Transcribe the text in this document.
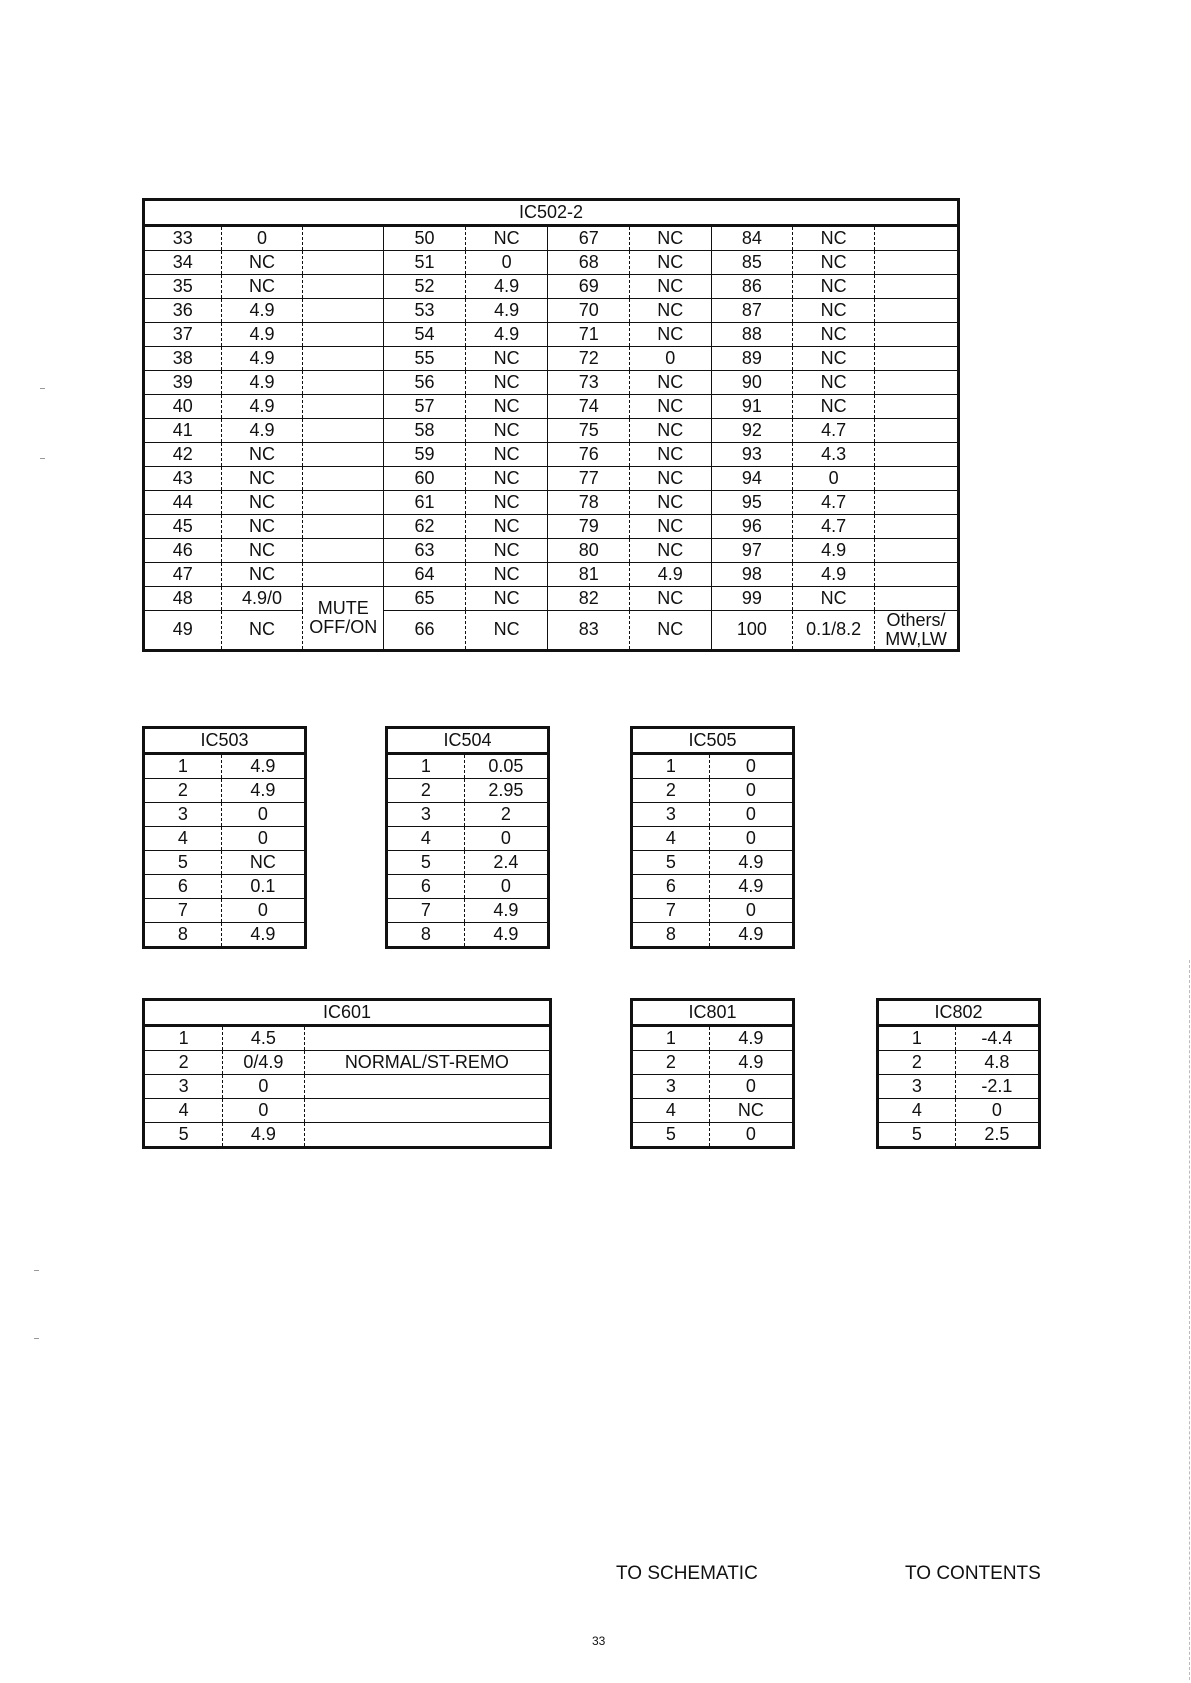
IC502-2									
33	0		50	NC	67	NC	84	NC	
34	NC		51	0	68	NC	85	NC	
35	NC		52	4.9	69	NC	86	NC	
36	4.9		53	4.9	70	NC	87	NC	
37	4.9		54	4.9	71	NC	88	NC	
38	4.9		55	NC	72	0	89	NC	
39	4.9		56	NC	73	NC	90	NC	
40	4.9		57	NC	74	NC	91	NC	
41	4.9		58	NC	75	NC	92	4.7	
42	NC		59	NC	76	NC	93	4.3	
43	NC		60	NC	77	NC	94	0	
44	NC		61	NC	78	NC	95	4.7	
45	NC		62	NC	79	NC	96	4.7	
46	NC		63	NC	80	NC	97	4.9	
47	NC		64	NC	81	4.9	98	4.9	
48	4.9/0	MUTE OFF/ON	65	NC	82	NC	99	NC	
49	NC		66	NC	83	NC	100	0.1/8.2	Others/ MW,LW
IC503	
1	4.9
2	4.9
3	0
4	0
5	NC
6	0.1
7	0
8	4.9
IC504	
1	0.05
2	2.95
3	2
4	0
5	2.4
6	0
7	4.9
8	4.9
IC505	
1	0
2	0
3	0
4	0
5	4.9
6	4.9
7	0
8	4.9
IC601		
1	4.5	
2	0/4.9	NORMAL/ST-REMO
3	0	
4	0	
5	4.9	
IC801	
1	4.9
2	4.9
3	0
4	NC
5	0
IC802	
1	-4.4
2	4.8
3	-2.1
4	0
5	2.5
TO SCHEMATIC	TO CONTENTS
33
